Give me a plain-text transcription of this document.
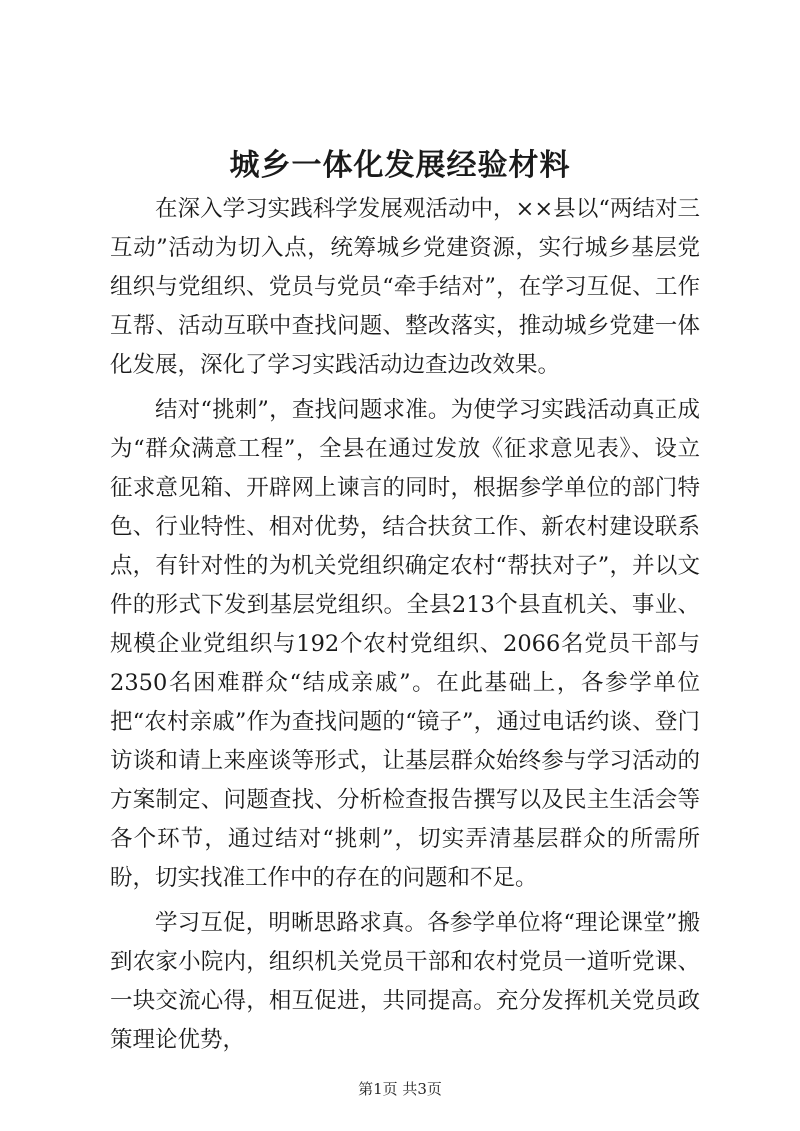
城乡一体化发展经验材料

在深入学习实践科学发展观活动中，××县以“两结对三互动”活动为切入点，统筹城乡党建资源，实行城乡基层党组织与党组织、党员与党员“牵手结对”，在学习互促、工作互帮、活动互联中查找问题、整改落实，推动城乡党建一体化发展，深化了学习实践活动边查边改效果。

结对“挑刺”，查找问题求准。为使学习实践活动真正成为“群众满意工程”，全县在通过发放《征求意见表》、设立征求意见箱、开辟网上谏言的同时，根据参学单位的部门特色、行业特性、相对优势，结合扶贫工作、新农村建设联系点，有针对性的为机关党组织确定农村“帮扶对子”，并以文件的形式下发到基层党组织。全县213个县直机关、事业、规模企业党组织与192个农村党组织、2066名党员干部与2350名困难群众“结成亲戚”。在此基础上，各参学单位把“农村亲戚”作为查找问题的“镜子”，通过电话约谈、登门访谈和请上来座谈等形式，让基层群众始终参与学习活动的方案制定、问题查找、分析检查报告撰写以及民主生活会等各个环节，通过结对“挑刺”，切实弄清基层群众的所需所盼，切实找准工作中的存在的问题和不足。

学习互促，明晰思路求真。各参学单位将“理论课堂”搬到农家小院内，组织机关党员干部和农村党员一道听党课、一块交流心得，相互促进，共同提高。充分发挥机关党员政策理论优势，

第1页 共3页
